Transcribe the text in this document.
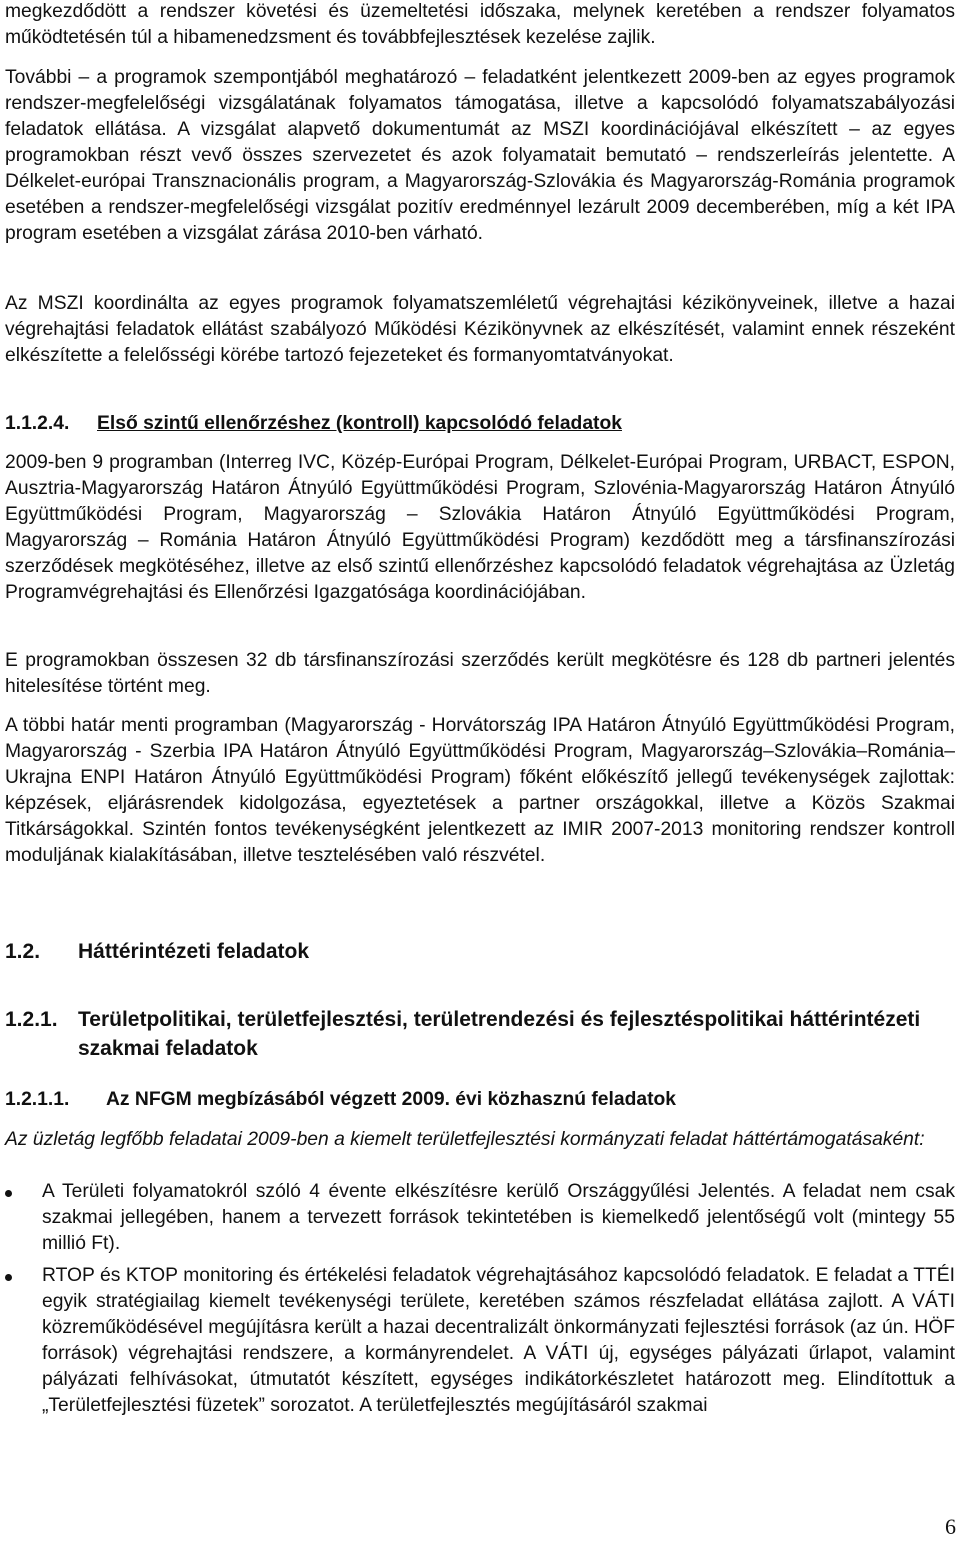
megkezdődött a rendszer követési és üzemeltetési időszaka, melynek keretében a rendszer folyamatos működtetésén túl a hibamenedzsment és továbbfejlesztések kezelése zajlik.

További – a programok szempontjából meghatározó – feladatként jelentkezett 2009-ben az egyes programok rendszer-megfelelőségi vizsgálatának folyamatos támogatása, illetve a kapcsolódó folyamatszabályozási feladatok ellátása. A vizsgálat alapvető dokumentumát az MSZI koordinációjával elkészített – az egyes programokban részt vevő összes szervezetet és azok folyamatait bemutató – rendszerleírás jelentette. A Délkelet-európai Transznacionális program, a Magyarország-Szlovákia és Magyarország-Románia programok esetében a rendszer-megfelelőségi vizsgálat pozitív eredménnyel lezárult 2009 decemberében, míg a két IPA program esetében a vizsgálat zárása 2010-ben várható.

Az MSZI koordinálta az egyes programok folyamatszemléletű végrehajtási kézikönyveinek, illetve a hazai végrehajtási feladatok ellátást szabályozó Működési Kézikönyvnek az elkészítését, valamint ennek részeként elkészítette a felelősségi körébe tartozó fejezeteket és formanyomtatványokat.

1.1.2.4. Első szintű ellenőrzéshez (kontroll) kapcsolódó feladatok

2009-ben 9 programban (Interreg IVC, Közép-Európai Program, Délkelet-Európai Program, URBACT, ESPON, Ausztria-Magyarország Határon Átnyúló Együttműködési Program, Szlovénia-Magyarország Határon Átnyúló Együttműködési Program, Magyarország – Szlovákia Határon Átnyúló Együttműködési Program, Magyarország – Románia Határon Átnyúló Együttműködési Program) kezdődött meg a társfinanszírozási szerződések megkötéséhez, illetve az első szintű ellenőrzéshez kapcsolódó feladatok végrehajtása az Üzletág Programvégrehajtási és Ellenőrzési Igazgatósága koordinációjában.

E programokban összesen 32 db társfinanszírozási szerződés került megkötésre és 128 db partneri jelentés hitelesítése történt meg.

A többi határ menti programban (Magyarország - Horvátország IPA Határon Átnyúló Együttműködési Program, Magyarország - Szerbia IPA Határon Átnyúló Együttműködési Program, Magyarország–Szlovákia–Románia–Ukrajna ENPI Határon Átnyúló Együttműködési Program) főként előkészítő jellegű tevékenységek zajlottak: képzések, eljárásrendek kidolgozása, egyeztetések a partner országokkal, illetve a Közös Szakmai Titkárságokkal. Szintén fontos tevékenységként jelentkezett az IMIR 2007-2013 monitoring rendszer kontroll moduljának kialakításában, illetve tesztelésében való részvétel.

1.2. Háttérintézeti feladatok
1.2.1. Területpolitikai, területfejlesztési, területrendezési és fejlesztéspolitikai háttérintézeti szakmai feladatok
1.2.1.1. Az NFGM megbízásából végzett 2009. évi közhasznú feladatok

Az üzletág legfőbb feladatai 2009-ben a kiemelt területfejlesztési kormányzati feladat háttértámogatásaként:

A Területi folyamatokról szóló 4 évente elkészítésre kerülő Országgyűlési Jelentés. A feladat nem csak szakmai jellegében, hanem a tervezett források tekintetében is kiemelkedő jelentőségű volt (mintegy 55 millió Ft).

RTOP és KTOP monitoring és értékelési feladatok végrehajtásához kapcsolódó feladatok. E feladat a TTÉI egyik stratégiailag kiemelt tevékenységi területe, keretében számos részfeladat ellátása zajlott. A VÁTI közreműködésével megújításra került a hazai decentralizált önkormányzati fejlesztési források (az ún. HÖF források) végrehajtási rendszere, a kormányrendelet. A VÁTI új, egységes pályázati űrlapot, valamint pályázati felhívásokat, útmutatót készített, egységes indikátorkészletet határozott meg. Elindítottuk a „Területfejlesztési füzetek” sorozatot. A területfejlesztés megújításáról szakmai

6
